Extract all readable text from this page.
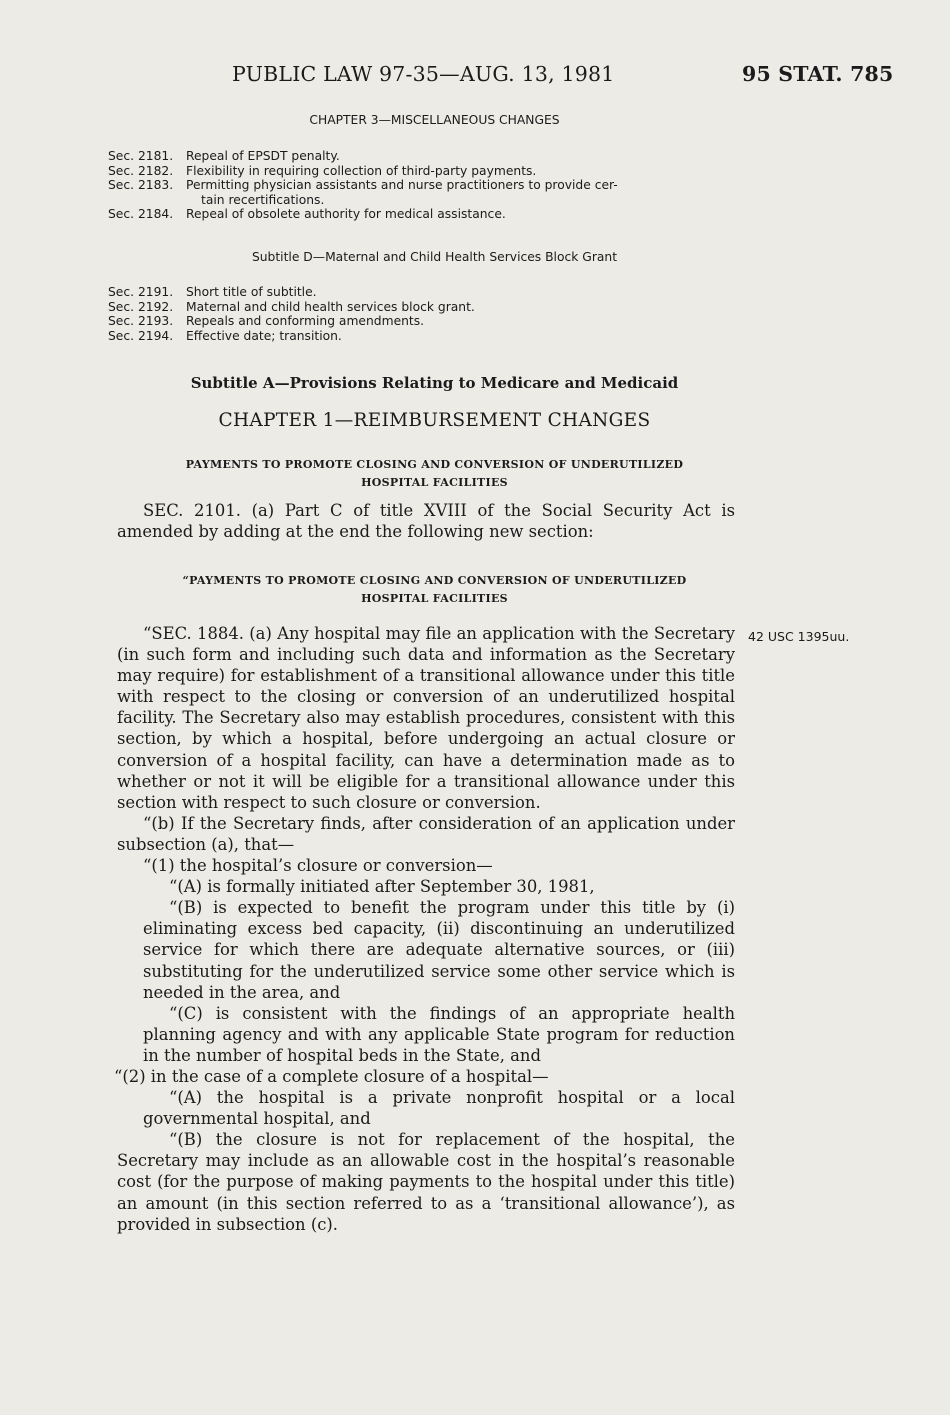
PUBLIC LAW 97-35—AUG. 13, 1981	95 STAT. 785
CHAPTER 3—MISCELLANEOUS CHANGES
Sec. 2181. Repeal of EPSDT penalty.
Sec. 2182. Flexibility in requiring collection of third-party payments.
Sec. 2183. Permitting physician assistants and nurse practitioners to provide cer-
tain recertifications.
Sec. 2184. Repeal of obsolete authority for medical assistance.
Subtitle D—Maternal and Child Health Services Block Grant
Sec. 2191. Short title of subtitle.
Sec. 2192. Maternal and child health services block grant.
Sec. 2193. Repeals and conforming amendments.
Sec. 2194. Effective date; transition.
Subtitle A—Provisions Relating to Medicare and Medicaid
CHAPTER 1—REIMBURSEMENT CHANGES
PAYMENTS TO PROMOTE CLOSING AND CONVERSION OF UNDERUTILIZED
HOSPITAL FACILITIES

SEC. 2101. (a) Part C of title XVIII of the Social Security Act is amended by adding at the end the following new section:

“PAYMENTS TO PROMOTE CLOSING AND CONVERSION OF UNDERUTILIZED
HOSPITAL FACILITIES
42 USC 1395uu.

“SEC. 1884. (a) Any hospital may file an application with the Secretary (in such form and including such data and information as the Secretary may require) for establishment of a transitional allowance under this title with respect to the closing or conversion of an underutilized hospital facility. The Secretary also may establish procedures, consistent with this section, by which a hospital, before undergoing an actual closure or conversion of a hospital facility, can have a determination made as to whether or not it will be eligible for a transitional allowance under this section with respect to such closure or conversion.

“(b) If the Secretary finds, after consideration of an application under subsection (a), that—

“(1) the hospital’s closure or conversion—

“(A) is formally initiated after September 30, 1981,

“(B) is expected to benefit the program under this title by (i) eliminating excess bed capacity, (ii) discontinuing an underutilized service for which there are adequate alternative sources, or (iii) substituting for the underutilized service some other service which is needed in the area, and

“(C) is consistent with the findings of an appropriate health planning agency and with any applicable State program for reduction in the number of hospital beds in the State, and

“(2) in the case of a complete closure of a hospital—

“(A) the hospital is a private nonprofit hospital or a local governmental hospital, and

“(B) the closure is not for replacement of the hospital, the Secretary may include as an allowable cost in the hospital’s reasonable cost (for the purpose of making payments to the hospital under this title) an amount (in this section referred to as a ‘transitional allowance’), as provided in subsection (c).
